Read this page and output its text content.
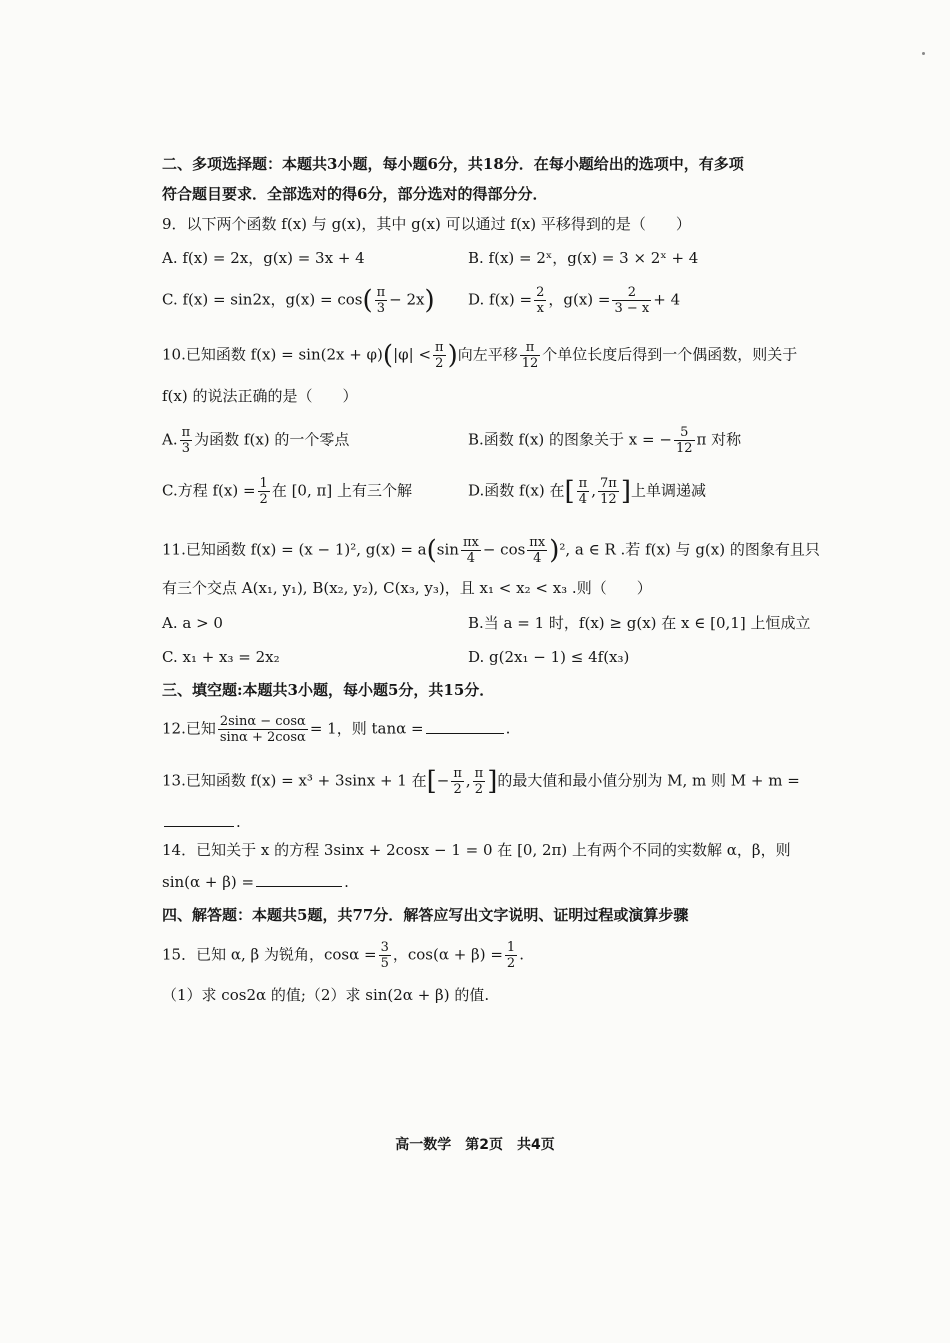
二、多项选择题：本题共3小题，每小题6分，共18分．在每小题给出的选项中，有多项
符合题目要求．全部选对的得6分，部分选对的得部分分．
9．以下两个函数 f(x) 与 g(x)，其中 g(x) 可以通过 f(x) 平移得到的是（　　）
A. f(x) = 2x，g(x) = 3x + 4	B. f(x) = 2ˣ，g(x) = 3 × 2ˣ + 4
C. f(x) = sin2x，$g(x) = \cos( \frac{\pi}{3} - 2x)$ D. $f(x) = \frac{2}{x}$ ，$g(x) = \frac{2}{3 - x} + 4$
10.已知函数 $f(x) = \sin(2x + \varphi)(|\varphi| < \frac{\pi}{2}$ )向左平移 $\frac{\pi}{12}$ 个单位长度后得到一个偶函数，则关于
f(x) 的说法正确的是（　　）
A. $\frac{\pi}{3}$ 为函数 f(x) 的一个零点	B.函数 f(x) 的图象关于 x = − $\frac{5}{12}$ π 对称
C.方程 $f(x) = \frac{1}{2}$ 在 [0, π] 上有三个解	D.函数 f(x) 在[ $\frac{\pi}{4}$ , $\frac{7\pi}{12}$ ]上单调递减
11.已知函数 f(x) = (x − 1)², $g(x) = a(\sin \frac{\pi x}{4} - \cos \frac{\pi x}{4} )^2$, a ∈ R .若 f(x) 与 g(x) 的图象有且只
有三个交点 A(x₁, y₁), B(x₂, y₂), C(x₃, y₃)，且 x₁ < x₂ < x₃ .则（　　）
A. a > 0	B.当 a = 1 时，f(x) ≥ g(x) 在 x ∈ [0,1] 上恒成立
C. x₁ + x₃ = 2x₂	D. g(2x₁ − 1) ≤ 4f(x₃)
三、填空题:本题共3小题，每小题5分，共15分．
12.已知 $\frac{2\sin\alpha - \cos\alpha}{\sin\alpha + 2\cos\alpha} = 1$，则 tanα =	.
13.已知函数 f(x) = x³ + 3sinx + 1 在[− $\frac{\pi}{2}$ , $\frac{\pi}{2}$ ]的最大值和最小值分别为 M, m 则 M + m =
.
14．已知关于 x 的方程 3sinx + 2cosx − 1 = 0 在 [0, 2π) 上有两个不同的实数解 α，β，则
sin(α + β) =	.
四、解答题：本题共5题，共77分．解答应写出文字说明、证明过程或演算步骤
15．已知 α, β 为锐角，$\cos\alpha = \frac{3}{5}$ ，$\cos(\alpha + \beta) = \frac{1}{2}$ .
（1）求 cos2α 的值;（2）求 sin(2α + β) 的值.
高一数学　第2页　共4页
